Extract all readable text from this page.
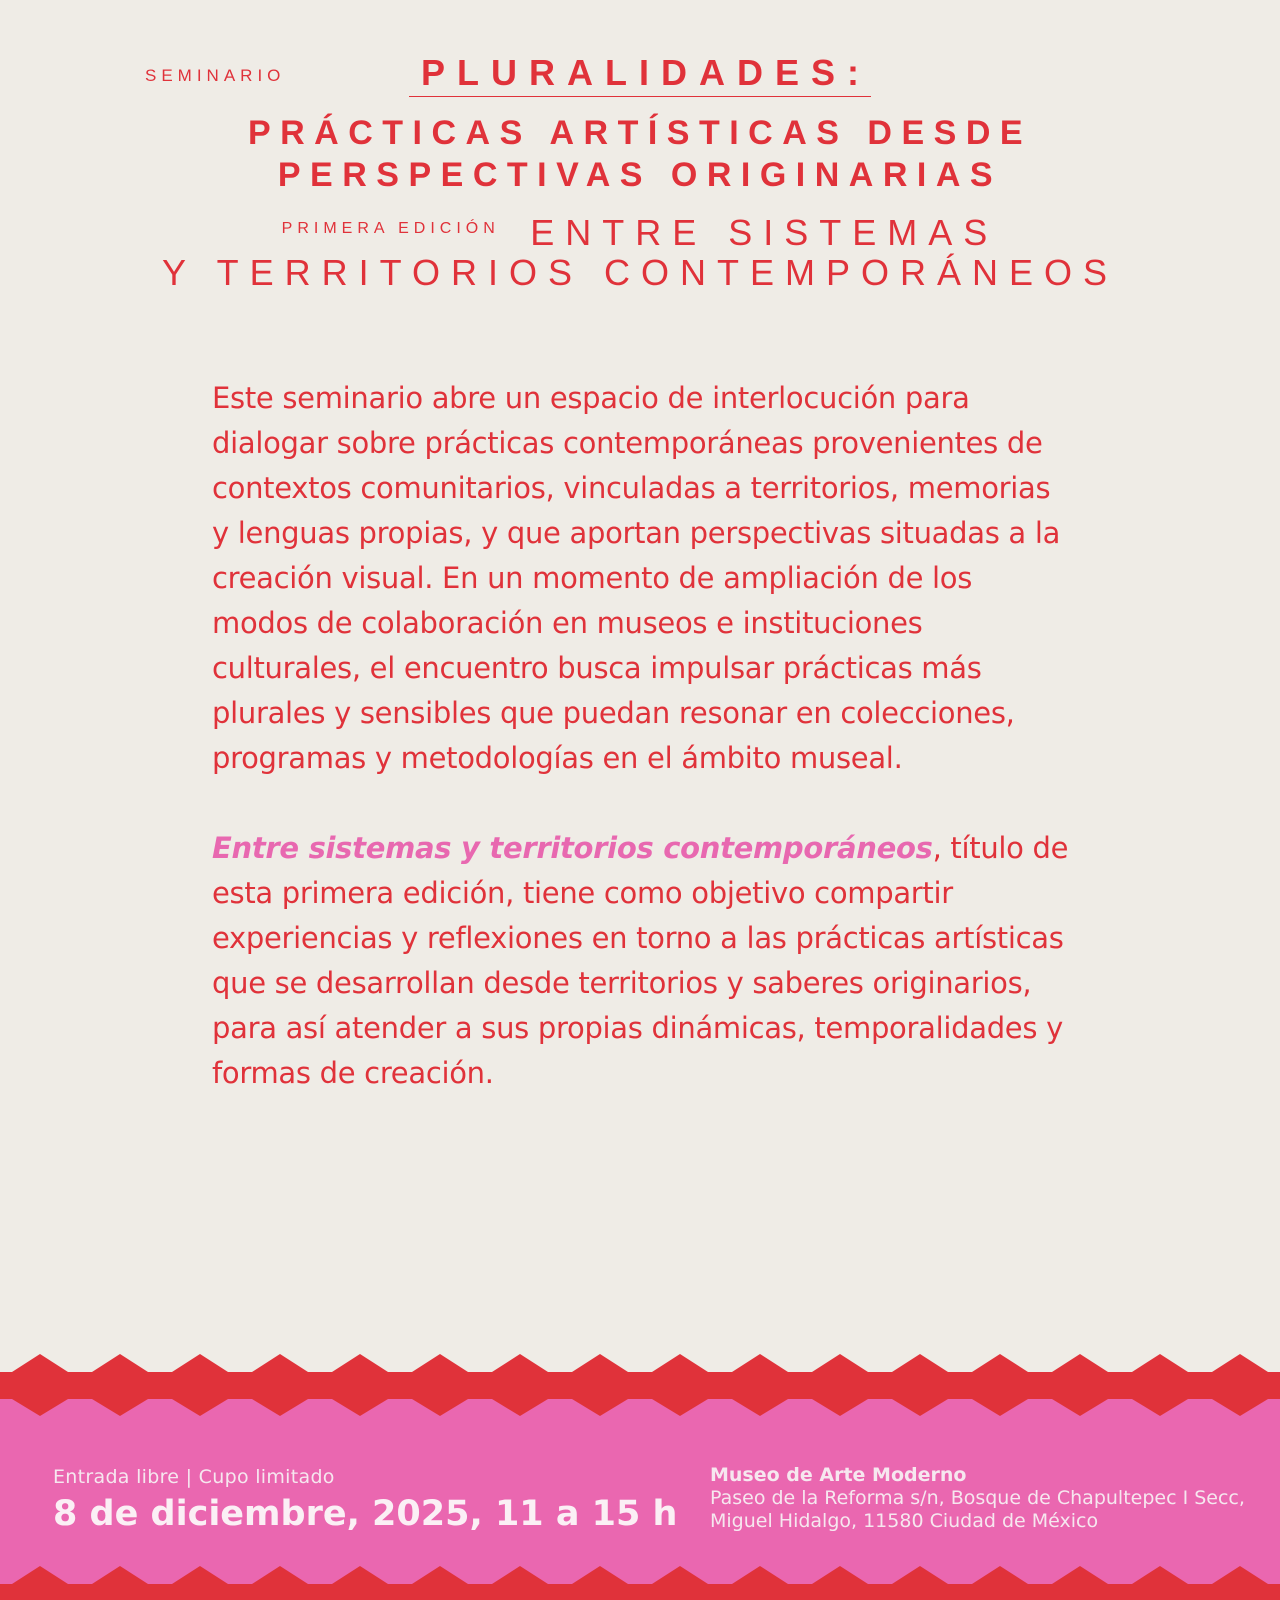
SEMINARIO	PLURALIDADES:
PRÁCTICAS ARTÍSTICAS DESDE
PERSPECTIVAS ORIGINARIAS
PRIMERA EDICIÓN ENTRE SISTEMAS
Y TERRITORIOS CONTEMPORÁNEOS

Este seminario abre un espacio de interlocución para dialogar sobre prácticas contemporáneas provenientes de contextos comunitarios, vinculadas a territorios, memorias y lenguas propias, y que aportan perspectivas situadas a la creación visual. En un momento de ampliación de los modos de colaboración en museos e instituciones culturales, el encuentro busca impulsar prácticas más plurales y sensibles que puedan resonar en colecciones, programas y metodologías en el ámbito museal.

Entre sistemas y territorios contemporáneos, título de esta primera edición, tiene como objetivo compartir experiencias y reflexiones en torno a las prácticas artísticas que se desarrollan desde territorios y saberes originarios, para así atender a sus propias dinámicas, temporalidades y formas de creación.

Entrada libre | Cupo limitado
8 de diciembre, 2025, 11 a 15 h
Museo de Arte Moderno
Paseo de la Reforma s/n, Bosque de Chapultepec I Secc,
Miguel Hidalgo, 11580 Ciudad de México
